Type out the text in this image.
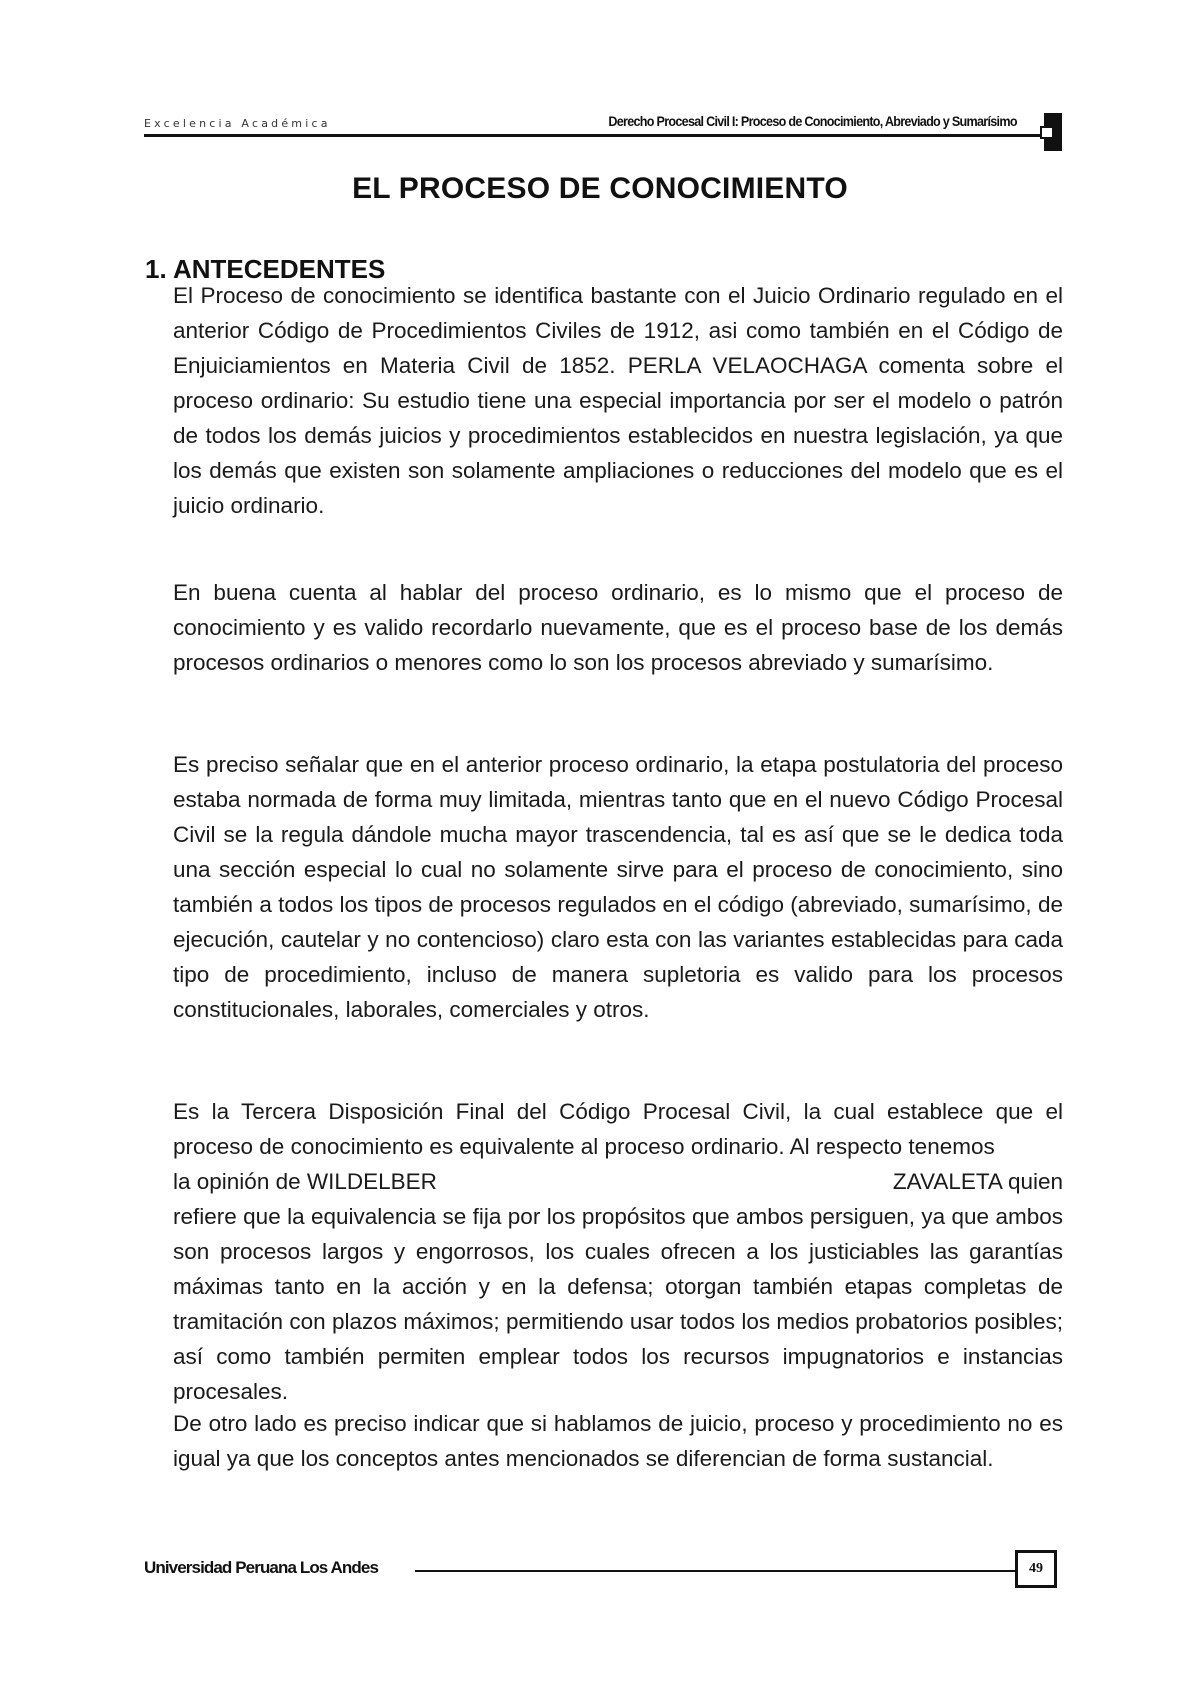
Excelencia Académica	Derecho Procesal Civil I: Proceso de Conocimiento, Abreviado y Sumarísimo
EL PROCESO DE CONOCIMIENTO
1. ANTECEDENTES
El Proceso de conocimiento se identifica bastante con el Juicio Ordinario regulado en el anterior Código de Procedimientos Civiles de 1912, asi como también en el Código de Enjuiciamientos en Materia Civil de 1852. PERLA VELAOCHAGA comenta sobre el proceso ordinario: Su estudio tiene una especial importancia por ser el modelo o patrón de todos los demás juicios y procedimientos establecidos en nuestra legislación, ya que los demás que existen son solamente ampliaciones o reducciones del modelo que es el juicio ordinario.
En buena cuenta al hablar del proceso ordinario, es lo mismo que el proceso de conocimiento y es valido recordarlo nuevamente, que es el proceso base de los demás procesos ordinarios o menores como lo son los procesos abreviado y sumarísimo.
Es preciso señalar que en el anterior proceso ordinario, la etapa postulatoria del proceso estaba normada de forma muy limitada, mientras tanto que en el nuevo Código Procesal Civil se la regula dándole mucha mayor trascendencia, tal es así que se le dedica toda una sección especial lo cual no solamente sirve para el proceso de conocimiento, sino también a todos los tipos de procesos regulados en el código (abreviado, sumarísimo, de ejecución, cautelar y no contencioso) claro esta con las variantes establecidas para cada tipo de procedimiento, incluso de manera supletoria es valido para los procesos constitucionales, laborales, comerciales y otros.

Es la Tercera Disposición Final del Código Procesal Civil, la cual establece que el proceso de conocimiento es equivalente al proceso ordinario. Al respecto tenemos

la opinión de WILDELBER	ZAVALETA quien

refiere que la equivalencia se fija por los propósitos que ambos persiguen, ya que ambos son procesos largos y engorrosos, los cuales ofrecen a los justiciables las garantías máximas tanto en la acción y en la defensa; otorgan también etapas completas de tramitación con plazos máximos; permitiendo usar todos los medios probatorios posibles; así como también permiten emplear todos los recursos impugnatorios e instancias procesales.

De otro lado es preciso indicar que si hablamos de juicio, proceso y procedimiento no es igual ya que los conceptos antes mencionados se diferencian de forma sustancial.

Universidad Peruana Los Andes	49
